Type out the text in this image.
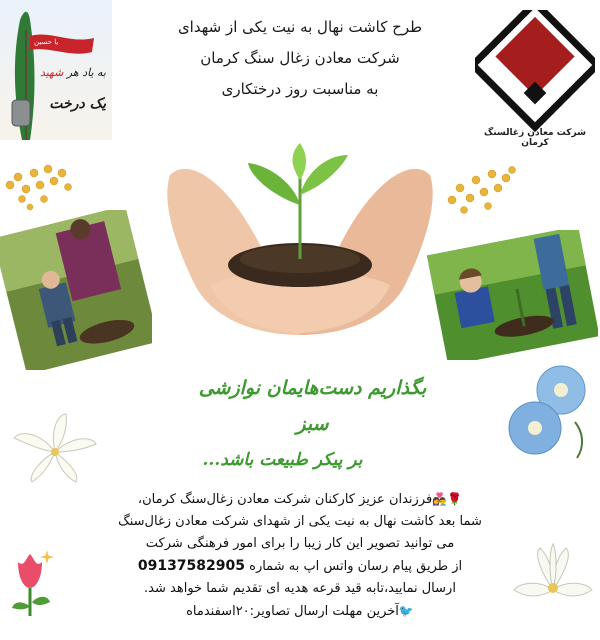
طرح کاشت نهال به نیت یکی از شهدای
شرکت معادن زغال سنگ کرمان
به مناسبت روز درختکاری
شرکت معادن زغالسنگ کرمان
یا حسین
به یاد هر شهید
یک درخت
بگذاریم دست‌هایمان نوازشی سبز
بر پیکر طبیعت باشد...
🌹👩‍❤️‍👨فرزندان عزیز کارکنان شرکت معادن زغال‌سنگ کرمان،
شما بعد کاشت نهال به نیت یکی از شهدای شرکت معادن زغال‌سنگ
می توانید تصویر این کار زیبا را برای امور فرهنگی شرکت
از طریق پیام رسان واتس اپ به شماره 09137582905
ارسال نمایید،تابه قید قرعه هدیه ای تقدیم شما خواهد شد.
🐦آخرین مهلت ارسال تصاویر:۲۰اسفندماه
